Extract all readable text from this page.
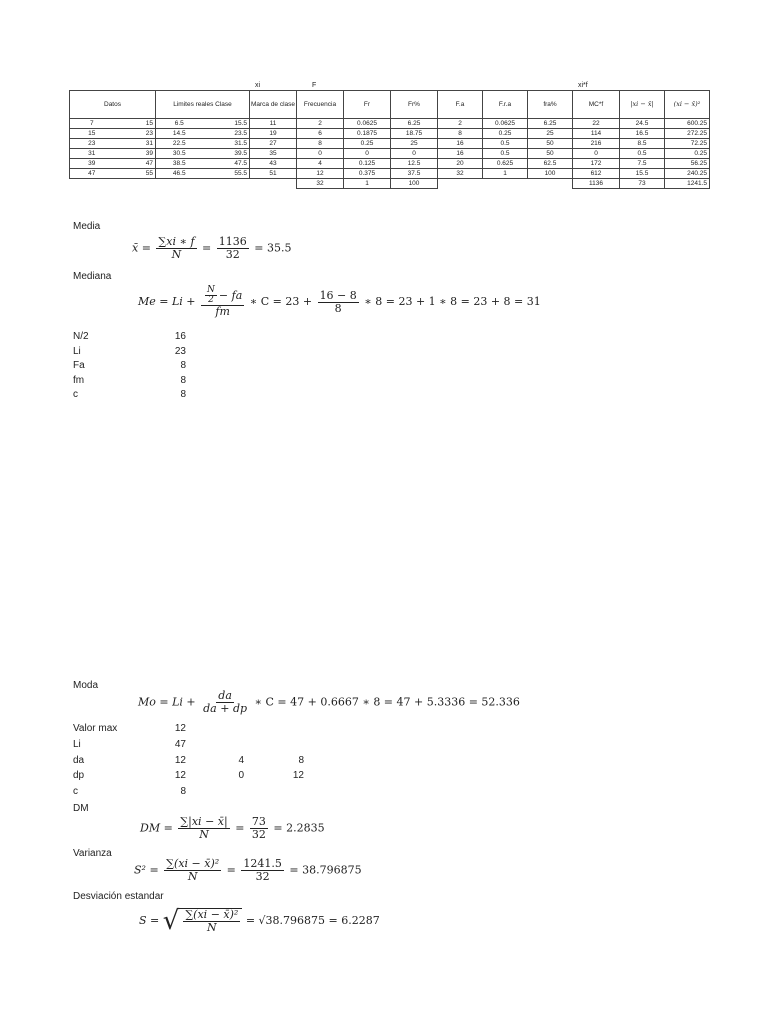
xi	F	xi*f
Datos		Limites reales Clase		Marca de clase	Frecuencia	Fr	Fr%	F.a	F.r.a	fra%	MC*f	|xi − x̄|	(xi − x̄)²
7	15	6.5	15.5	11	2	0.0625	6.25	2	0.0625	6.25	22	24.5	600.25
15	23	14.5	23.5	19	6	0.1875	18.75	8	0.25	25	114	16.5	272.25
23	31	22.5	31.5	27	8	0.25	25	16	0.5	50	216	8.5	72.25
31	39	30.5	39.5	35	0	0	0	16	0.5	50	0	0.5	0.25
39	47	38.5	47.5	43	4	0.125	12.5	20	0.625	62.5	172	7.5	56.25
47	55	46.5	55.5	51	12	0.375	37.5	32	1	100	612	15.5	240.25
					32	1	100				1136	73	1241.5
Media
x̄ = $\frac{\sum xi ∗ f}{N} = \frac{1136}{32} = 35.5$
Mediana
$Me = Li + \frac{\frac{N}{2} - fa}{fm}$ ∗ $C = 23 + \frac{16 - 8}{8}$ ∗ 8 = 23 + 1 ∗ 8 = 23 + 8 = 31
N/2	16
Li	23
Fa	8
fm	8
c	8
Moda
$Mo = Li + \frac{da}{da + dp}$ ∗ C = 47 + 0.6667 ∗ 8 = 47 + 5.3336 = 52.336
Valor max	12
Li	47
da	12	4	8
dp	12	0	12
c	8
DM
DM = $\frac{\sum|xi - x̄|}{N} = \frac{73}{32} = 2.2835$
Varianza
$S^2 = \frac{\text{∑(xi − x̄)²}}{N} = \frac{1241.5}{32} = 38.796875$
Desviación estandar
S = √ $\frac{\text{∑(xi − x̄)²}}{N} = √38.796875 = 6.2287$
